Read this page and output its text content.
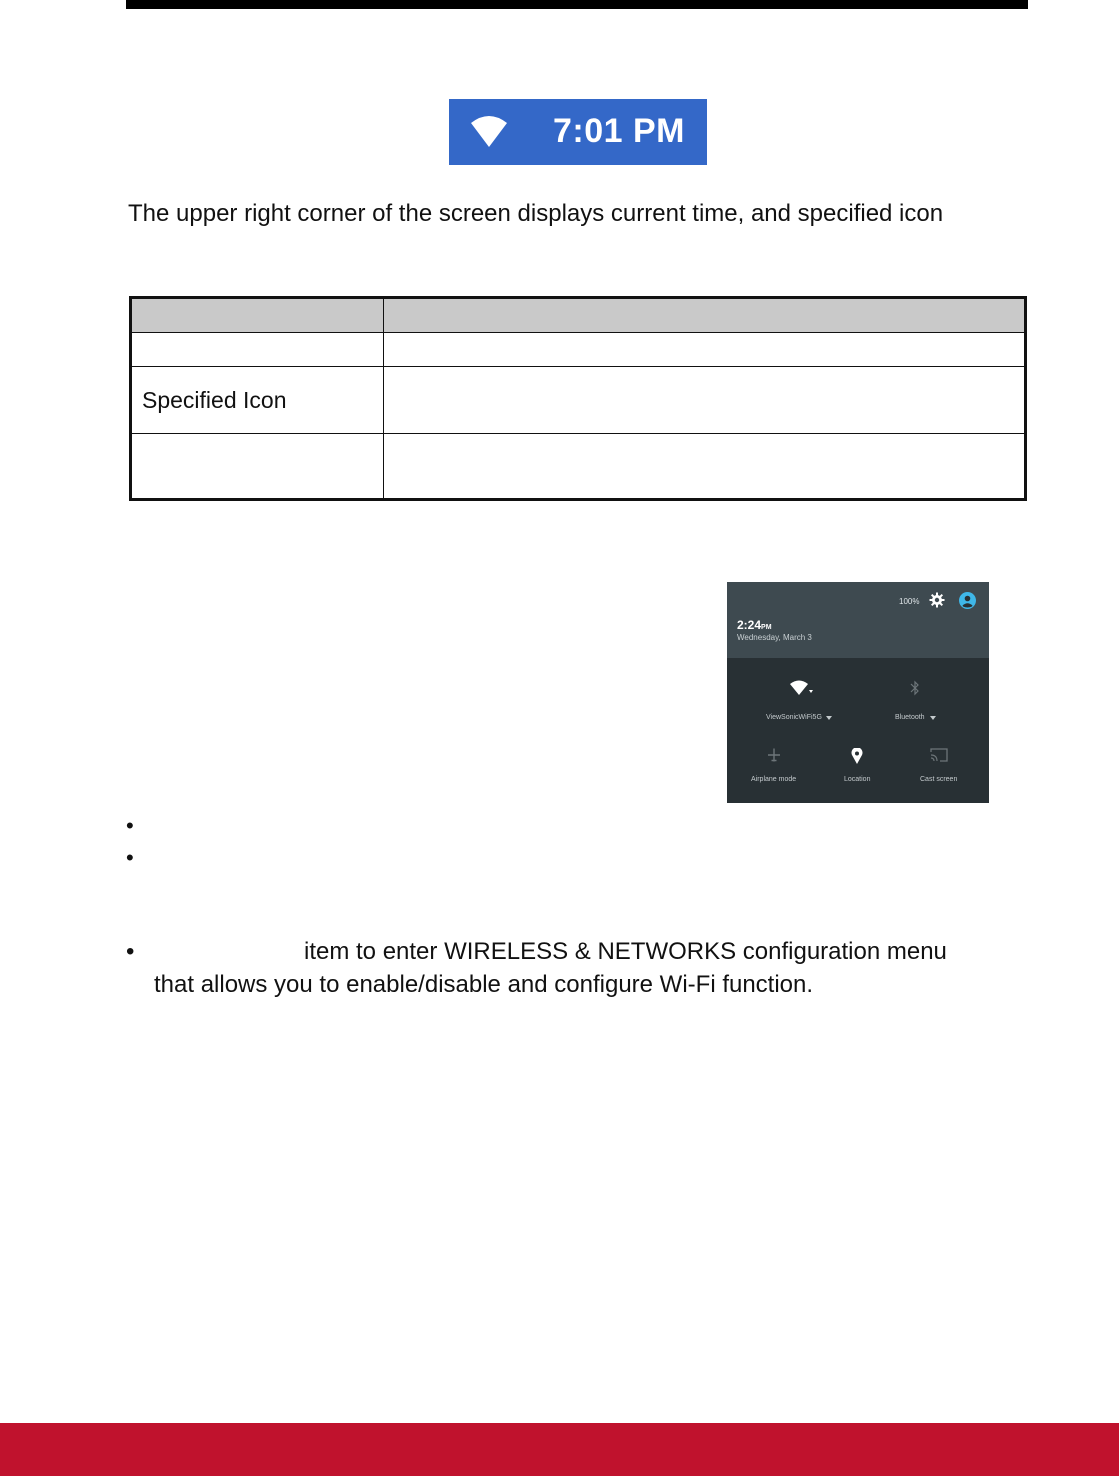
7:01 PM
The upper right corner of the screen displays current time, and specified icon

Specified Icon	

100%
2:24PM
Wednesday, March 3
ViewSonicWiFi5G	Bluetooth
Airplane mode	Location	Cast screen
•
•
•	item to enter WIRELESS & NETWORKS configuration menu
that allows you to enable/disable and configure Wi-Fi function.
